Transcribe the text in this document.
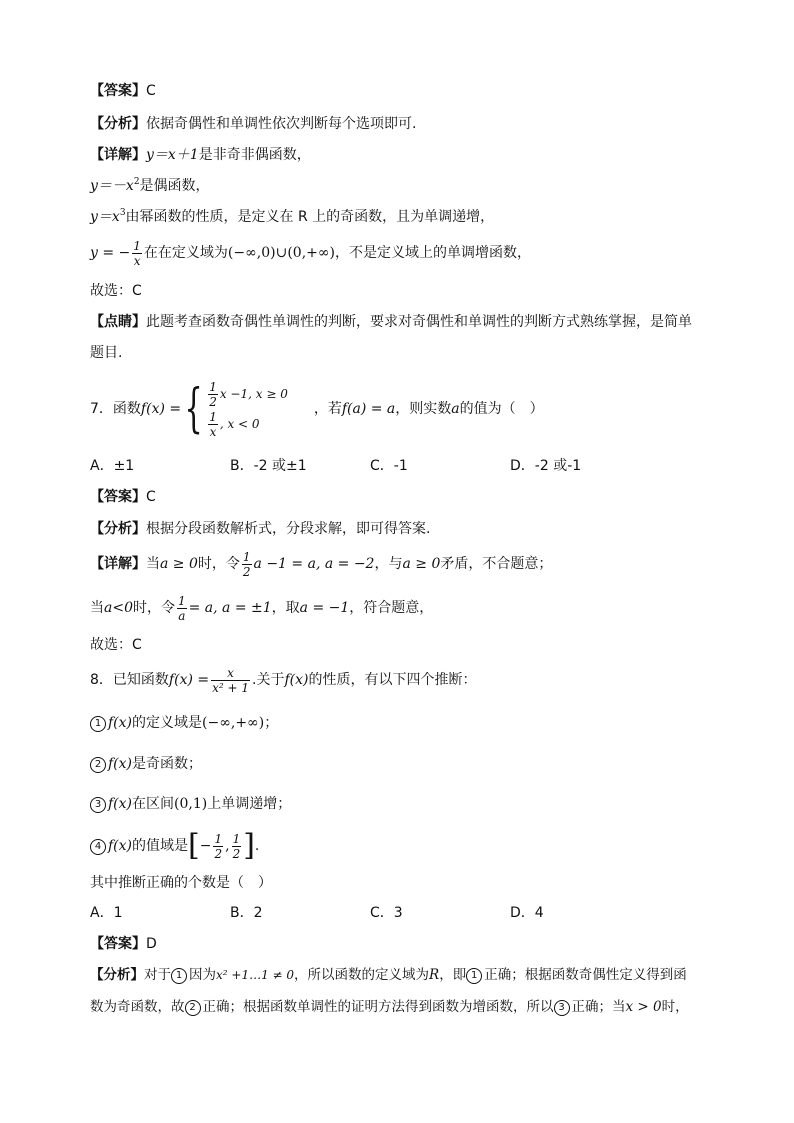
【答案】C
【分析】依据奇偶性和单调性依次判断每个选项即可.
【详解】y＝x＋1是非奇非偶函数，
$y=-x^2$是偶函数，
$y=x^3$由幂函数的性质，是定义在 R 上的奇函数，且为单调递增，
y = − $\frac{1}{x}$ 在在定义域为(−∞,0)∪(0,+∞)，不是定义域上的单调增函数，
故选：C
【点睛】此题考查函数奇偶性单调性的判断，要求对奇偶性和单调性的判断方式熟练掌握，是简单
题目.
7．函数f(x) ={ $\frac{1}{2}$ x −1, x ≥ 0
$\frac{1}{x}$ , x < 0
，若f(a) = a，则实数a的值为（　）
A．±1	B．-2 或±1	C．-1	D．-2 或-1
【答案】C
【分析】根据分段函数解析式，分段求解，即可得答案.
【详解】当a ≥ 0时，令 $\frac{1}{2}$ a −1 = a, a = −2，与a ≥ 0矛盾，不合题意；
当a<0时，令 $\frac{1}{a} = a$, a = ±1，取a = −1，符合题意，
故选：C
8．已知函数$f(x) = \frac{x}{\text{x² + 1}}$ .关于f(x)的性质，有以下四个推断：
1 f(x)的定义域是(−∞,+∞)；
2 f(x)是奇函数；
3 f(x)在区间(0,1)上单调递增；
4 f(x)的值域是[− $\frac{1}{2}$ , $\frac{1}{2}$ ].
其中推断正确的个数是（　）
A．1	B．2	C．3	D．4
【答案】D
【分析】对于 1 因为x² +1…1 ≠ 0，所以函数的定义域为R，即 1 正确；根据函数奇偶性定义得到函
数为奇函数，故 2 正确；根据函数单调性的证明方法得到函数为增函数，所以 3 正确；当x > 0时，
